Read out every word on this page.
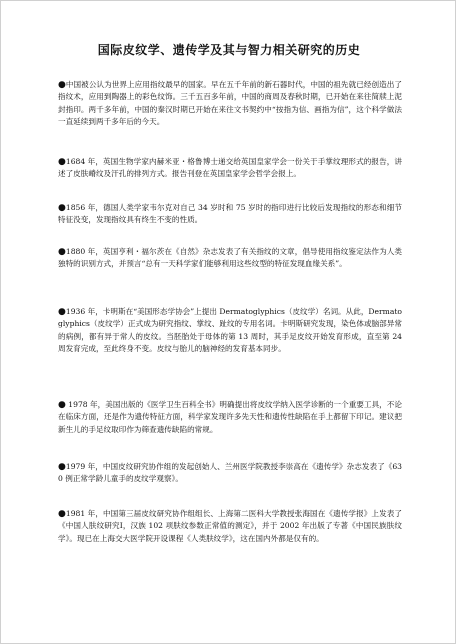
国际皮纹学、遗传学及其与智力相关研究的历史

●中国被公认为世界上应用指纹最早的国家。早在五千年前的新石器时代，中国的祖先就已经创造出了指纹术，应用到陶器上的彩色纹饰。三千五百多年前，中国的商周及春秋时期，已开始在来往简牍上泥封指印。两千多年前，中国的秦汉时期已开始在来往文书契约中“按指为信、画指为信”，这个科学做法一直延续到两千多年后的今天。

●1684 年，英国生物学家内赫米亚・格鲁博士递交给英国皇家学会一份关于手掌纹理形式的报告，讲述了皮肤嵴纹及汗孔的排列方式。报告刊登在英国皇家学会哲学会报上。

●1856 年，德国人类学家韦尔克对自己 34 岁时和 75 岁时的指印进行比较后发现指纹的形态和细节特征没变，发现指纹具有终生不变的性质。

●1880 年，英国亨利・福尔茨在《自然》杂志发表了有关指纹的文章，倡导使用指纹鉴定法作为人类独特的识别方式，并预言“总有一天科学家们能够利用这些纹型的特征发现血缘关系”。

●1936 年，卡明斯在“美国形态学协会”上提出 Dermatoglyphics（皮纹学）名词。从此，Dermatoglyphics（皮纹学）正式成为研究指纹、掌纹、趾纹的专用名词。卡明斯研究发现，染色体或脑部异常的病例，都有异于常人的皮纹。当胚胎处于母体的第 13 周时，其手足皮纹开始发育形成，直至第 24 周发育完成，至此终身不变。皮纹与胎儿的脑神经的发育基本同步。

● 1978 年，美国出版的《医学卫生百科全书》明确提出将皮纹学纳入医学诊断的一个重要工具，不论在临床方面，还是作为遗传特征方面，科学家发现许多先天性和遗传性缺陷在手上都留下印记。建议把新生儿的手足纹取印作为筛查遗传缺陷的常规。

●1979 年，中国皮纹研究协作组的发起创始人、兰州医学院教授李崇高在《遗传学》杂志发表了《630 例正常学龄儿童手的皮纹学观察》。

●1981 年，中国第三届皮纹研究协作组组长、上海第二医科大学教授张海国在《遗传学报》上发表了《中国人肤纹研究Ⅰ，汉族 102 项肤纹参数正常值的测定》，并于 2002 年出版了专著《中国民族肤纹学》。现已在上海交大医学院开设课程《人类肤纹学》，这在国内外都是仅有的。
